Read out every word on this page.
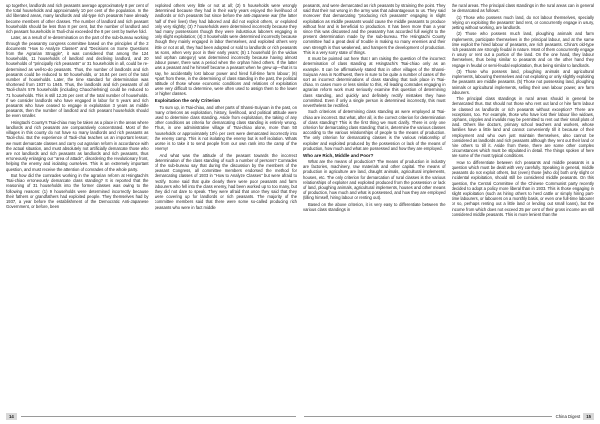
up together, landlords and rich peasants average approximately 8 per cent of the total households and approximately 10 per cent of the population. In the old liberated areas, many landlords and old-type rich peasants have already become members of other classes. The number of landlord and rich peasant households should be less than 8 per cent, but the number of landlord and rich peasant households in Taoli-chai exceeded the 8 per cent by twelve fold.

Later, as a result of re-determination on the part of the sub-bureau working through the peasantry congress committee based on the principles of the 2 documents "How to Analyze Classes" and "Decisions on Some Questions from the Agrarian Struggle", it was considered that among the 124 households, 11 households of landlord and declining landlord, and 20 households of "principally rich peasants" or 31 households in all, could be re-determined as well-to-do peasants. Thus, the number of landlords and rich peasants could be reduced to 50 households, or 16.84 per cent of the total number of households. Later, the time standard for determination was shortened from 1937 to 1945. Thus, the landlords and rich peasants of all Taoli-chai's 579 households (including Chaochiehsing) could be reduced to 71 households. This is still 12.26 per cent of the total number of households. If we consider landlords who have engaged in labor for 5 years and rich peasants who have ceased to engage in exploitation 3 years as middle peasants, then the number of landlord and rich peasant households should be even smaller.

Hsingtachi County's Tsai-chiao may be taken as a place in the areas where landlords and rich peasants are comparatively concentrated. Most of the villages in this county do not have so many landlords and rich peasants as Taoli-chai. But the experience of Taoli-chai teaches us an important lesson; we must demarcate classes and carry out agrarian reform in accordance with the actual situation, and must absolutely not artificially demarcate those who are not landlords and rich peasants as landlords and rich peasants, thus erroneously enlarging our "area of attack", disordering the revolutionary front, helping the enemy and isolating ourselves. This is an extremely important question, and must receive the attention of comrades of the whole party.

But how did the comrades working in the agrarian reform at Hsingtachi's Tsai-chiao erroneously demarcate class standing? It is reported that the reasoning of 31 households into the former classes was owing to the following reasons: (1) 9 households were determined incorrectly because their fathers or grandfathers had exploited people. They themselves had by 1937, a year before the establishment of the Democratic Anti-Japanese Government, or before, been

exploited others very little or not at all; (2) 5 households were wrongly determined because they had in their early years enjoyed the livelihood of landlords or rich peasants but since before the anti-Japanese war (the latter half of their lives) they had labored and did not exploit others, or exploited only very slightly; (3) 7 households were determined incorrectly because they had many possessions though they were industrious laborers engaging in only slight exploitation; (4) 3 households were determined incorrectly because though they mainly engaged in labor themselves, and exploited others very little or not at all, they had been adopted or sold to landlords or rich peasants as sons, when very poor in their early years; (5) 1 household (in the widow and orphan category) was determined incorrectly because having almost labour power, there was a period when the orphan hired others. If the latter was a peasant and he himself became a peasant when he grew up—that is to say, he accidentally lost labour power and hired full-time farm labour; (6) Apart from these, in the determining of class standing in the past, the political attitude of those whose economic conditions and relations of exploitation were very difficult to determine, were often used to assign them to the lower or higher classes.

Exploitation the only Criterion

To sum up, in Tsai-chiao, and other parts of Shansi-Suiyuan in the past, on many criterions as exploitation, history, livelihood, and political attitude were used to determine class standing. Aside from exploitation, the taking of any other conditions as criteria for demarcating class standing is entirely wrong. Thus, in one administrative village of Tsai-chiao alone, more than 50 households or approximately 10½ per cent were demarcated incorrectly into the enemy camp. This is not isolating the enemy but is self isolation. Whats worse is to take it to send people from our own rank into the camp of the enemy!

And what was the attitude of the peasant towards the incorrect determination of the class standing of such a number of persons? Comrades of the sub-bureau say that during the discussion by the members of the peasant Congress, all committee members endorsed the method for demarcating classes of 1933 in "How to Analyze Classes" but were afraid to rectify. Some said that quite clearly there were poor peasants and farm labourers who fell into the class enemy, had been worked up to too many, but they did not dare to speak. They were afraid that once they said that they were covering up for landlords or rich peasants. The majority of the committee members said that there were some so-called producing rich peasants who were in fact middle

peasants, and were demarcated as rich peasants by straining the point. They said that their not wrong in the army was that advantageous to us. They said moreover that demarcating "producing rich peasants" engaging in slight exploitation as middle peasants would cause the middle peasants to produce without fear and is beneficial to production. It has been more than a year since this was discussed and the peasantry has accorded full weight to the present determination made by the sub-bureau. The Hsingtachi County committee had a great deal of trouble in making so many enemies and their own strength is thus weakened, and hampers the development of production. This is a very sorry state of things.

It must be pointed out here that I am raising the question of the incorrect determination of class standing at Hsingtachi's Tsai-chiao only as an example. It can be affirmatively stated that in other villages of the Shansi-Suiyuan Area in Northwest, there is sure to be quite a number of cases of the sort as incorrect determinations of class standing that took place in Tsai-chiao. In cases more or less similar to this, All leading comrades engaging in agrarian reform work must seriously examine this question of determining class standing, and quickly and definitely rectify mistakes they have committed. Even if only a single person is determined incorrectly, this must nevertheless be rectified.

Such criterions of determining class standing as were employed at Tsai-chiao are incorrect. But what, after all, is the correct criterion for determination of class standing? This is the first thing we must clarify. There is only one criterion for demarcating class standing; that is, determine the various classes according to the various relationships of people to the means of production. The only criterion for demarcating classes is the various relationship of exploiter and exploited produced by the possession or lack of the means of production, how much and what are possessed and how they are employed.

Who are Rich, Middle and Poor?

What are the means of production? The means of production in industry are factories, machinery, raw materials and other capital. The means of production in agriculture are land, draught animals, agricultural implements, houses, etc. The only criterion for demarcation of rural classes is the various relationships of exploiter and exploited produced from the possession or lack of land, ploughing animals, agricultural implements, houses and other means of production, how much and what is possessed, and how they are employed (tilling himself, hiring labour or renting out).

Based on the above criterion, it is very easy to differentiate between the various class standings in

the rural areas. The principal class standings in the rural areas can in general be demarcated as follows:

(1) Those who possess much land, do not labour themselves, specially relying on exploiting the peasants' land rent, or concurrently engage in usury, petting without working, are landlords.

(2) Those who possess much land, ploughing animals and farm implements, participate themselves in the principal labour, and at the same time exploit the hired labour of peasants, are rich peasants. China's old-type rich peasants are strongly feudal in nature. Most of them concurrently engage in usury or rent out a portion of the land. On the one hand, they labour themselves, thus being similar to peasants and on the other hand they engage in feudal or semi-feudal exploitation, thus being similar to landlords.

(3) Those who possess land, ploughing animals and agricultural implements, labouring themselves and not exploiting or only slightly exploiting the peasants are middle peasants. (5) Those not possessing land, ploughing animals or agricultural implements, selling their own labour power, are farm labourers.

The principal class standings in rural areas should in general be demarcated thus. But should not those who rent out land or hire farm labour be classed as landlords or rich peasants without exception? There are exceptions, too. For example, those who have lost their labour like widows, orphans, cripples and invalids may be permitted to rent out their small plots of land. Others like doctors, primary school teachers and workers, whose families have a little land and cannot conveniently till it because of their employment and who own just maintain themselves, also cannot be considered as landlords and rich peasants although they rent out their land or hire others to till it. Aside from these, there are some other complex circumstances which must be stipulated in detail. The things spoken of here are some of the most typical conditions.

How to differentiate between rich peasants and middle peasants is a question which must be dealt with very carefully. Speaking in general, middle peasants do not exploit others, but (even) those [who do] both only slight or incidental exploitation, should still be considered middle peasants. On this question, the Central Committee of the Chinese Communist party recently decided to adopt a policy more liberal than in 1933. This is those engaging in slight exploitation (such as hiring others to herd cattle or simply hiring part-time labourers, or labourers on a monthly basis, or even one full-time labourer or so, perhaps renting out a little land or lending out small loans), but the income from which does not exceed 25 per cent of their gross income are still considered middle peasants. This is more lenient than the

14	China Digest	15
